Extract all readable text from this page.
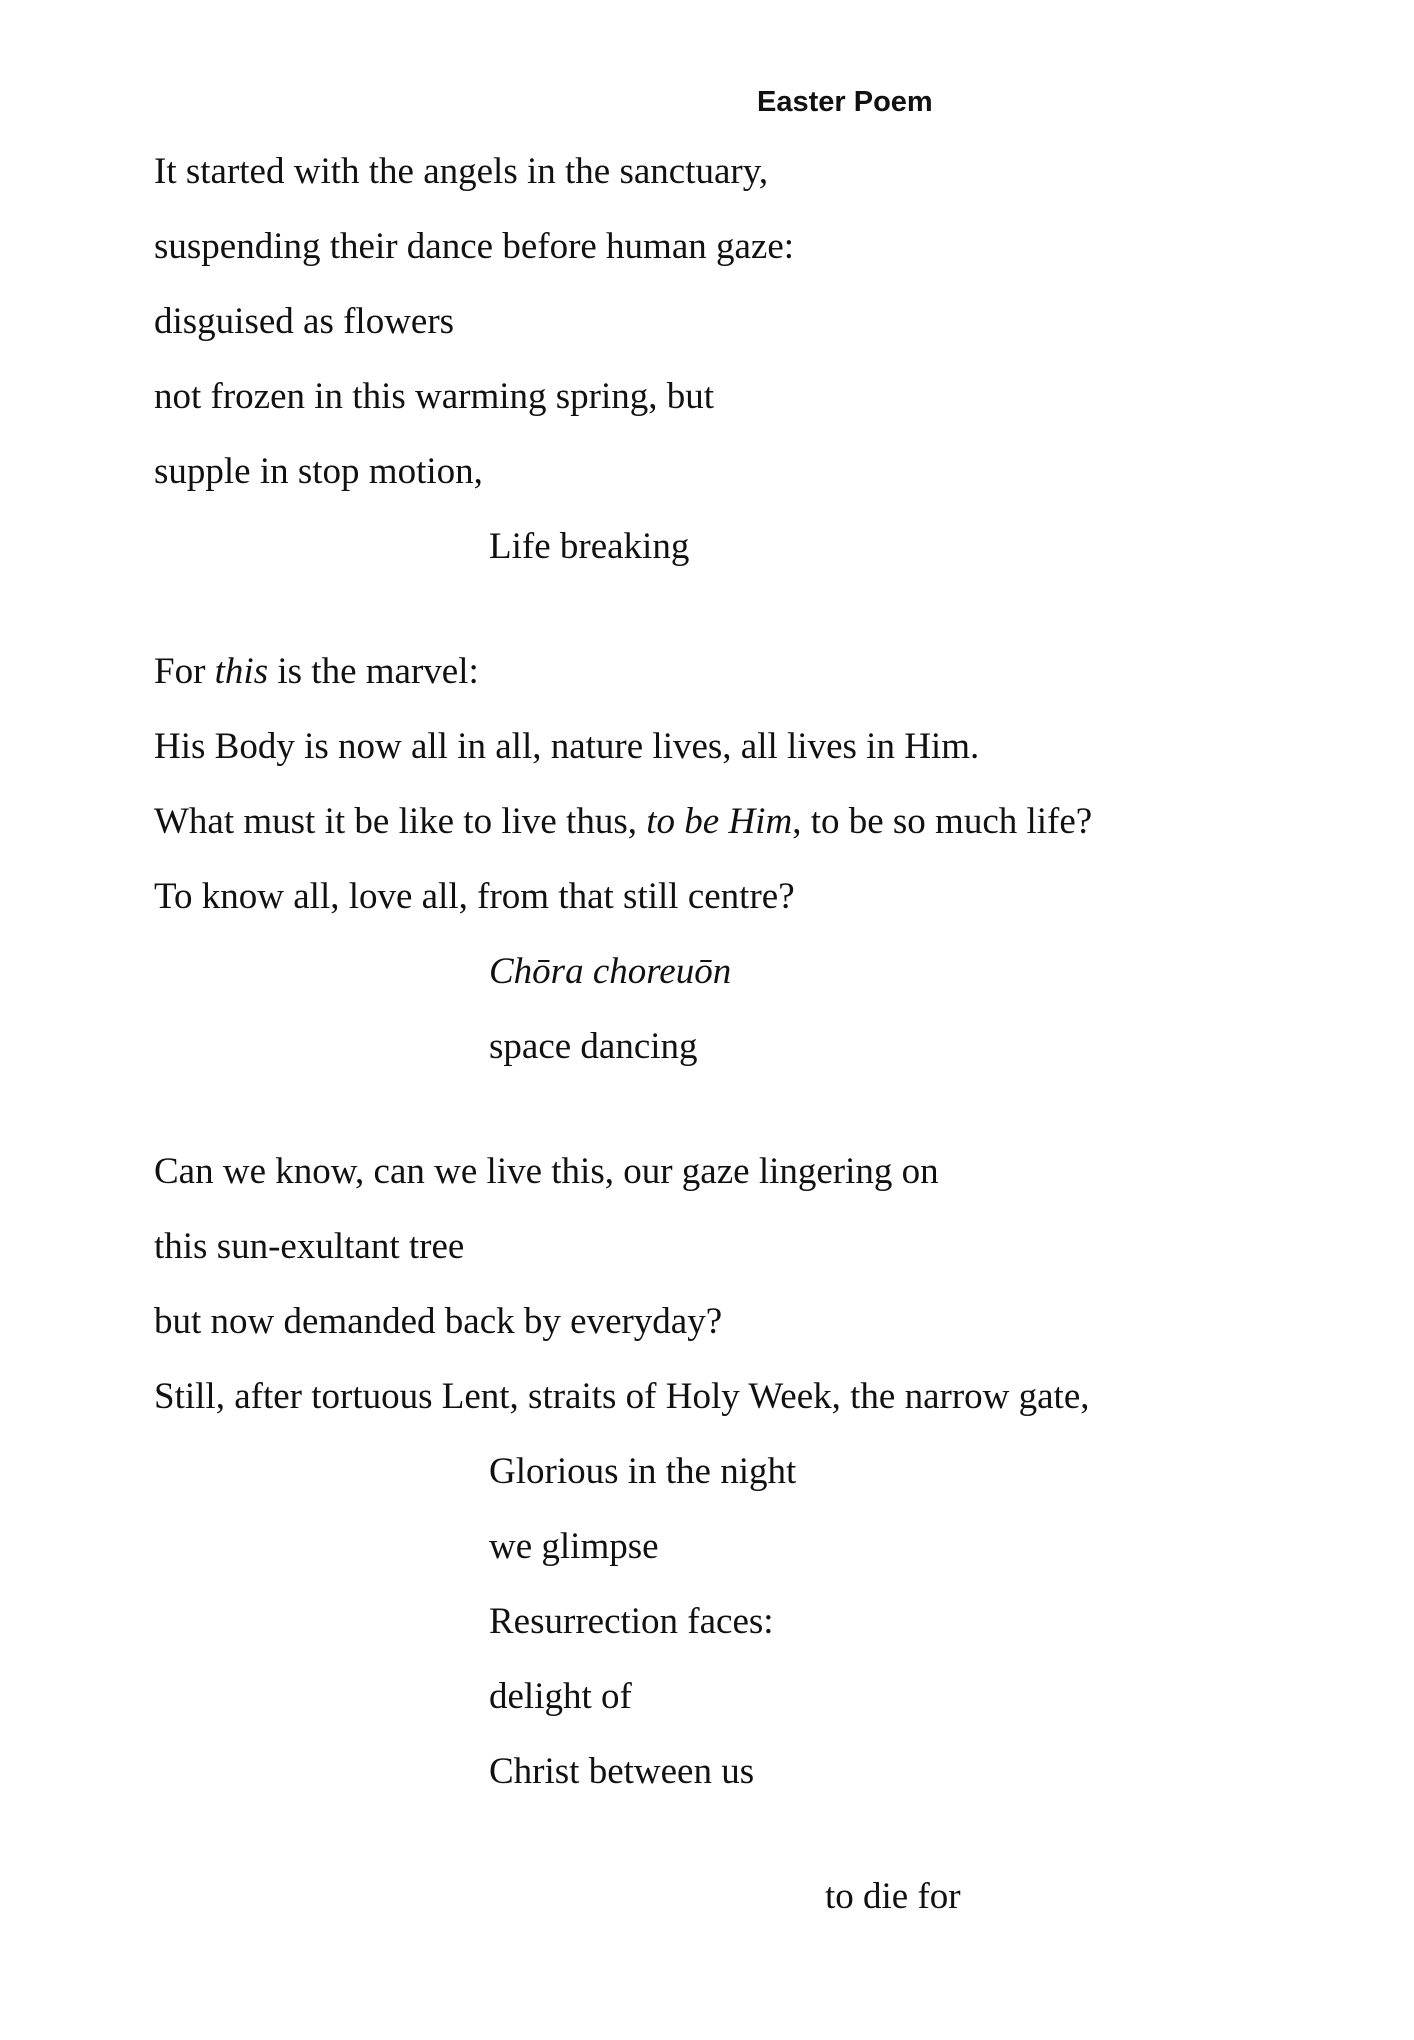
Easter Poem
It started with the angels in the sanctuary,
suspending their dance before human gaze:
disguised as flowers
not frozen in this warming spring, but
supple in stop motion,
Life breaking
For this is the marvel:
His Body is now all in all, nature lives, all lives in Him.
What must it be like to live thus, to be Him, to be so much life?
To know all, love all, from that still centre?
Chōra choreuōn
space dancing
Can we know, can we live this, our gaze lingering on
this sun-exultant tree
but now demanded back by everyday?
Still, after tortuous Lent, straits of Holy Week, the narrow gate,
Glorious in the night
we glimpse
Resurrection faces:
delight of
Christ between us
to die for
